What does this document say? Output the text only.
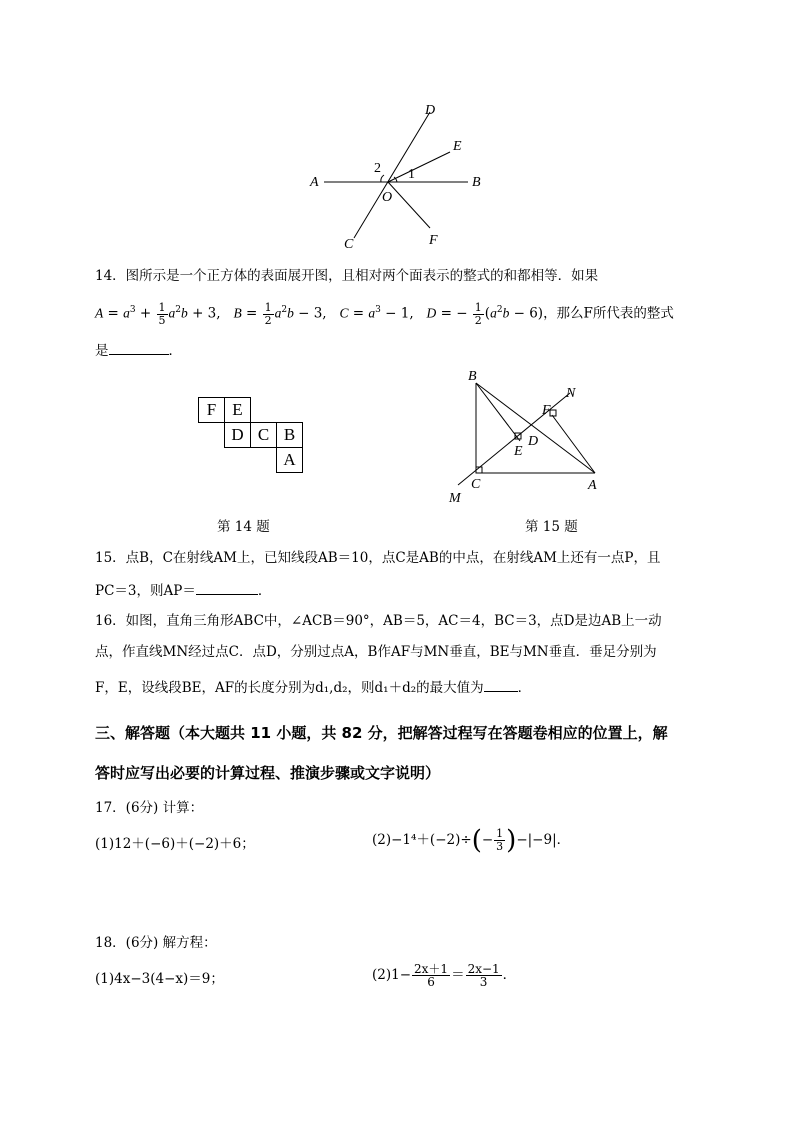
D
E
A	B
2 1
O
C	F
14．图所示是一个正方体的表面展开图，且相对两个面表示的整式的和都相等．如果
$A = a^3 + \frac{1}{5} a^2b + 3$,   $B = \frac{1}{2} a^2b - 3$,   $C = a^3 - 1$,   D = − $\frac{1}{2} (a^2b - 6)$，那么F所代表的整式
是	．
F	E		
	D	C	B
			A
B
N
F
D
E
C	A
M
第 14 题	第 15 题
15．点B，C在射线AM上，已知线段AB＝10，点C是AB的中点，在射线AM上还有一点P，且
PC＝3，则AP＝	．
16．如图，直角三角形ABC中，∠ACB＝90°，AB＝5，AC＝4，BC＝3，点D是边AB上一动
点，作直线MN经过点C．点D，分别过点A，B作AF与MN垂直，BE与MN垂直．垂足分别为
F，E，设线段BE，AF的长度分别为d₁,d₂，则d₁＋d₂的最大值为	．
三、解答题（本大题共 11 小题，共 82 分，把解答过程写在答题卷相应的位置上，解
答时应写出必要的计算过程、推演步骤或文字说明）
17．(6分) 计算：
(1)12＋(−6)＋(−2)＋6；	$(2)-1^4+(-2)\div(- \frac{1}{3} )-|-9|$．
18．(6分) 解方程：
(1)4x−3(4−x)＝9；	$(2)1- \frac{2x+1}{6} = \frac{2x-1}{3}$ ．
